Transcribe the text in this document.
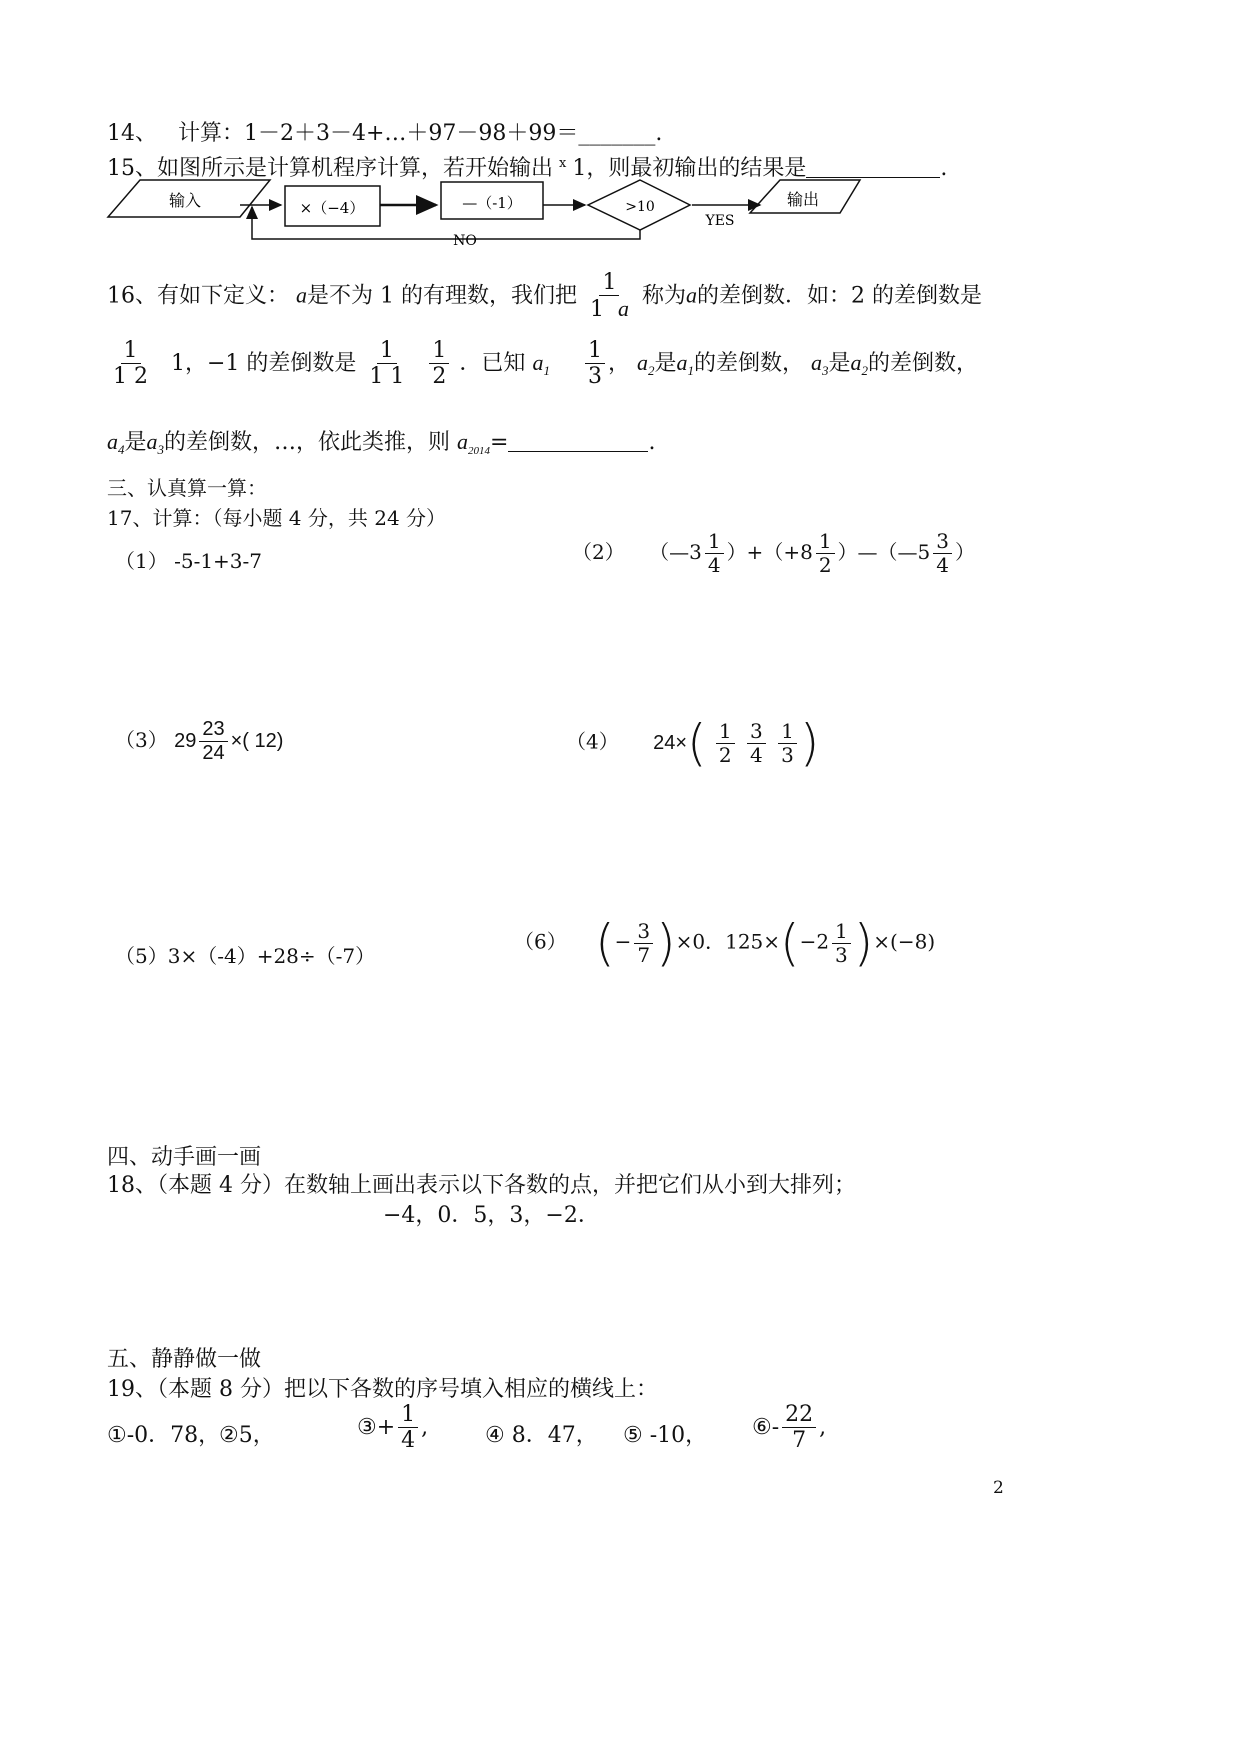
14、 计算：1－2＋3－4+…＋97－98＋99＝_______.
15、如图所示是计算机程序计算，若开始输出 $^x$ 1，则最初输出的结果是	.
输入	×（−4）	—（-1）	>10
YES
输出
NO
16、有如下定义： a是不为 1 的有理数，我们把 $\frac{1}{1 a}$ 称为a的差倒数．如：2 的差倒数是
$\frac{1}{1 2} 1$，−1 的差倒数是 $\frac{1}{1 1}$
$\frac{1}{2}$ ．已知 $a_1 \frac{1}{3}$ ， $a_2$是$a_1$的差倒数， $a_3$是$a_2$的差倒数，
$a_4$是$a_3$的差倒数，…，依此类推，则 $a_{2014}=$	.
三、认真算一算：
17、计算：（每小题 4 分，共 24 分）
（1） -5-1+3-7	（2） （—3 $\frac{1}{4} )+(+8 \frac{1}{2}$ ）—（—5 $\frac{3}{4}$ ）
（3） $29 \frac{23}{24}$ ×( 12)	（4） $24\times( \frac{1}{2}$
$\frac{3}{4}$
$\frac{1}{3}$ )
（5）3×（-4）+28÷（-7）
（6） (− $\frac{3}{7} )\times 0$．$125\times(-2 \frac{1}{3} )\times(-8)$
四、动手画一画
18、（本题 4 分）在数轴上画出表示以下各数的点，并把它们从小到大排列；
−4，0．5，3，−2．
五、静静做一做
19、（本题 8 分）把以下各数的序号填入相应的横线上：
①-0．78，
②5，	③+ $\frac{1}{4}$ ,	④ 8．47， ⑤ -10， ⑥- $\frac{22}{7}$ ,
2
